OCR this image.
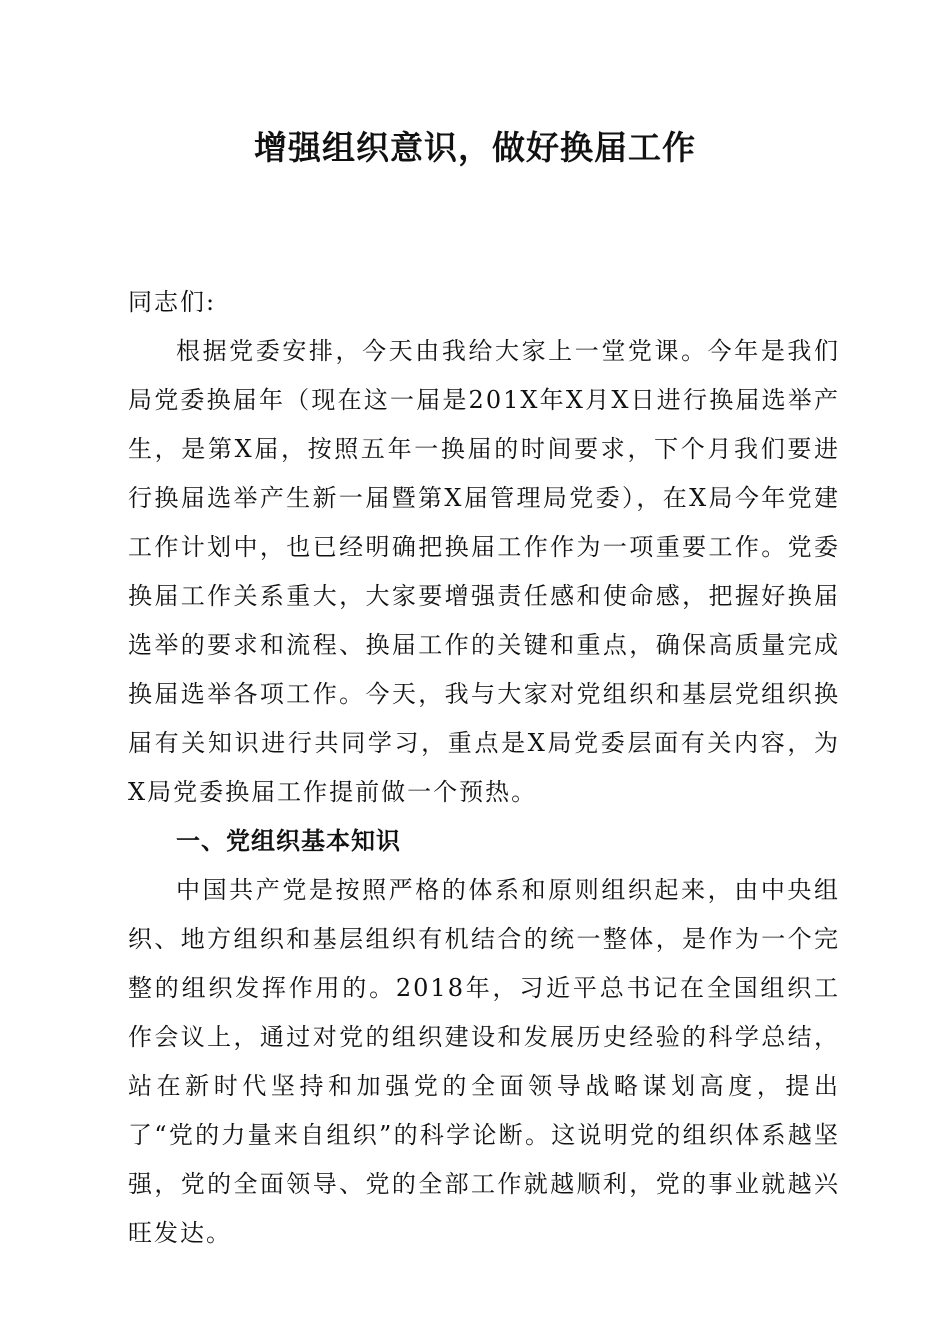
增强组织意识，做好换届工作

同志们:

根据党委安排，今天由我给大家上一堂党课。今年是我们局党委换届年（现在这一届是201X年X月X日进行换届选举产生，是第X届，按照五年一换届的时间要求，下个月我们要进行换届选举产生新一届暨第X届管理局党委），在X局今年党建工作计划中，也已经明确把换届工作作为一项重要工作。党委换届工作关系重大，大家要增强责任感和使命感，把握好换届选举的要求和流程、换届工作的关键和重点，确保高质量完成换届选举各项工作。今天，我与大家对党组织和基层党组织换届有关知识进行共同学习，重点是X局党委层面有关内容，为X局党委换届工作提前做一个预热。

一、党组织基本知识

中国共产党是按照严格的体系和原则组织起来，由中央组织、地方组织和基层组织有机结合的统一整体，是作为一个完整的组织发挥作用的。2018年，习近平总书记在全国组织工作会议上，通过对党的组织建设和发展历史经验的科学总结，站在新时代坚持和加强党的全面领导战略谋划高度，提出了“党的力量来自组织”的科学论断。这说明党的组织体系越坚强，党的全面领导、党的全部工作就越顺利，党的事业就越兴旺发达。
